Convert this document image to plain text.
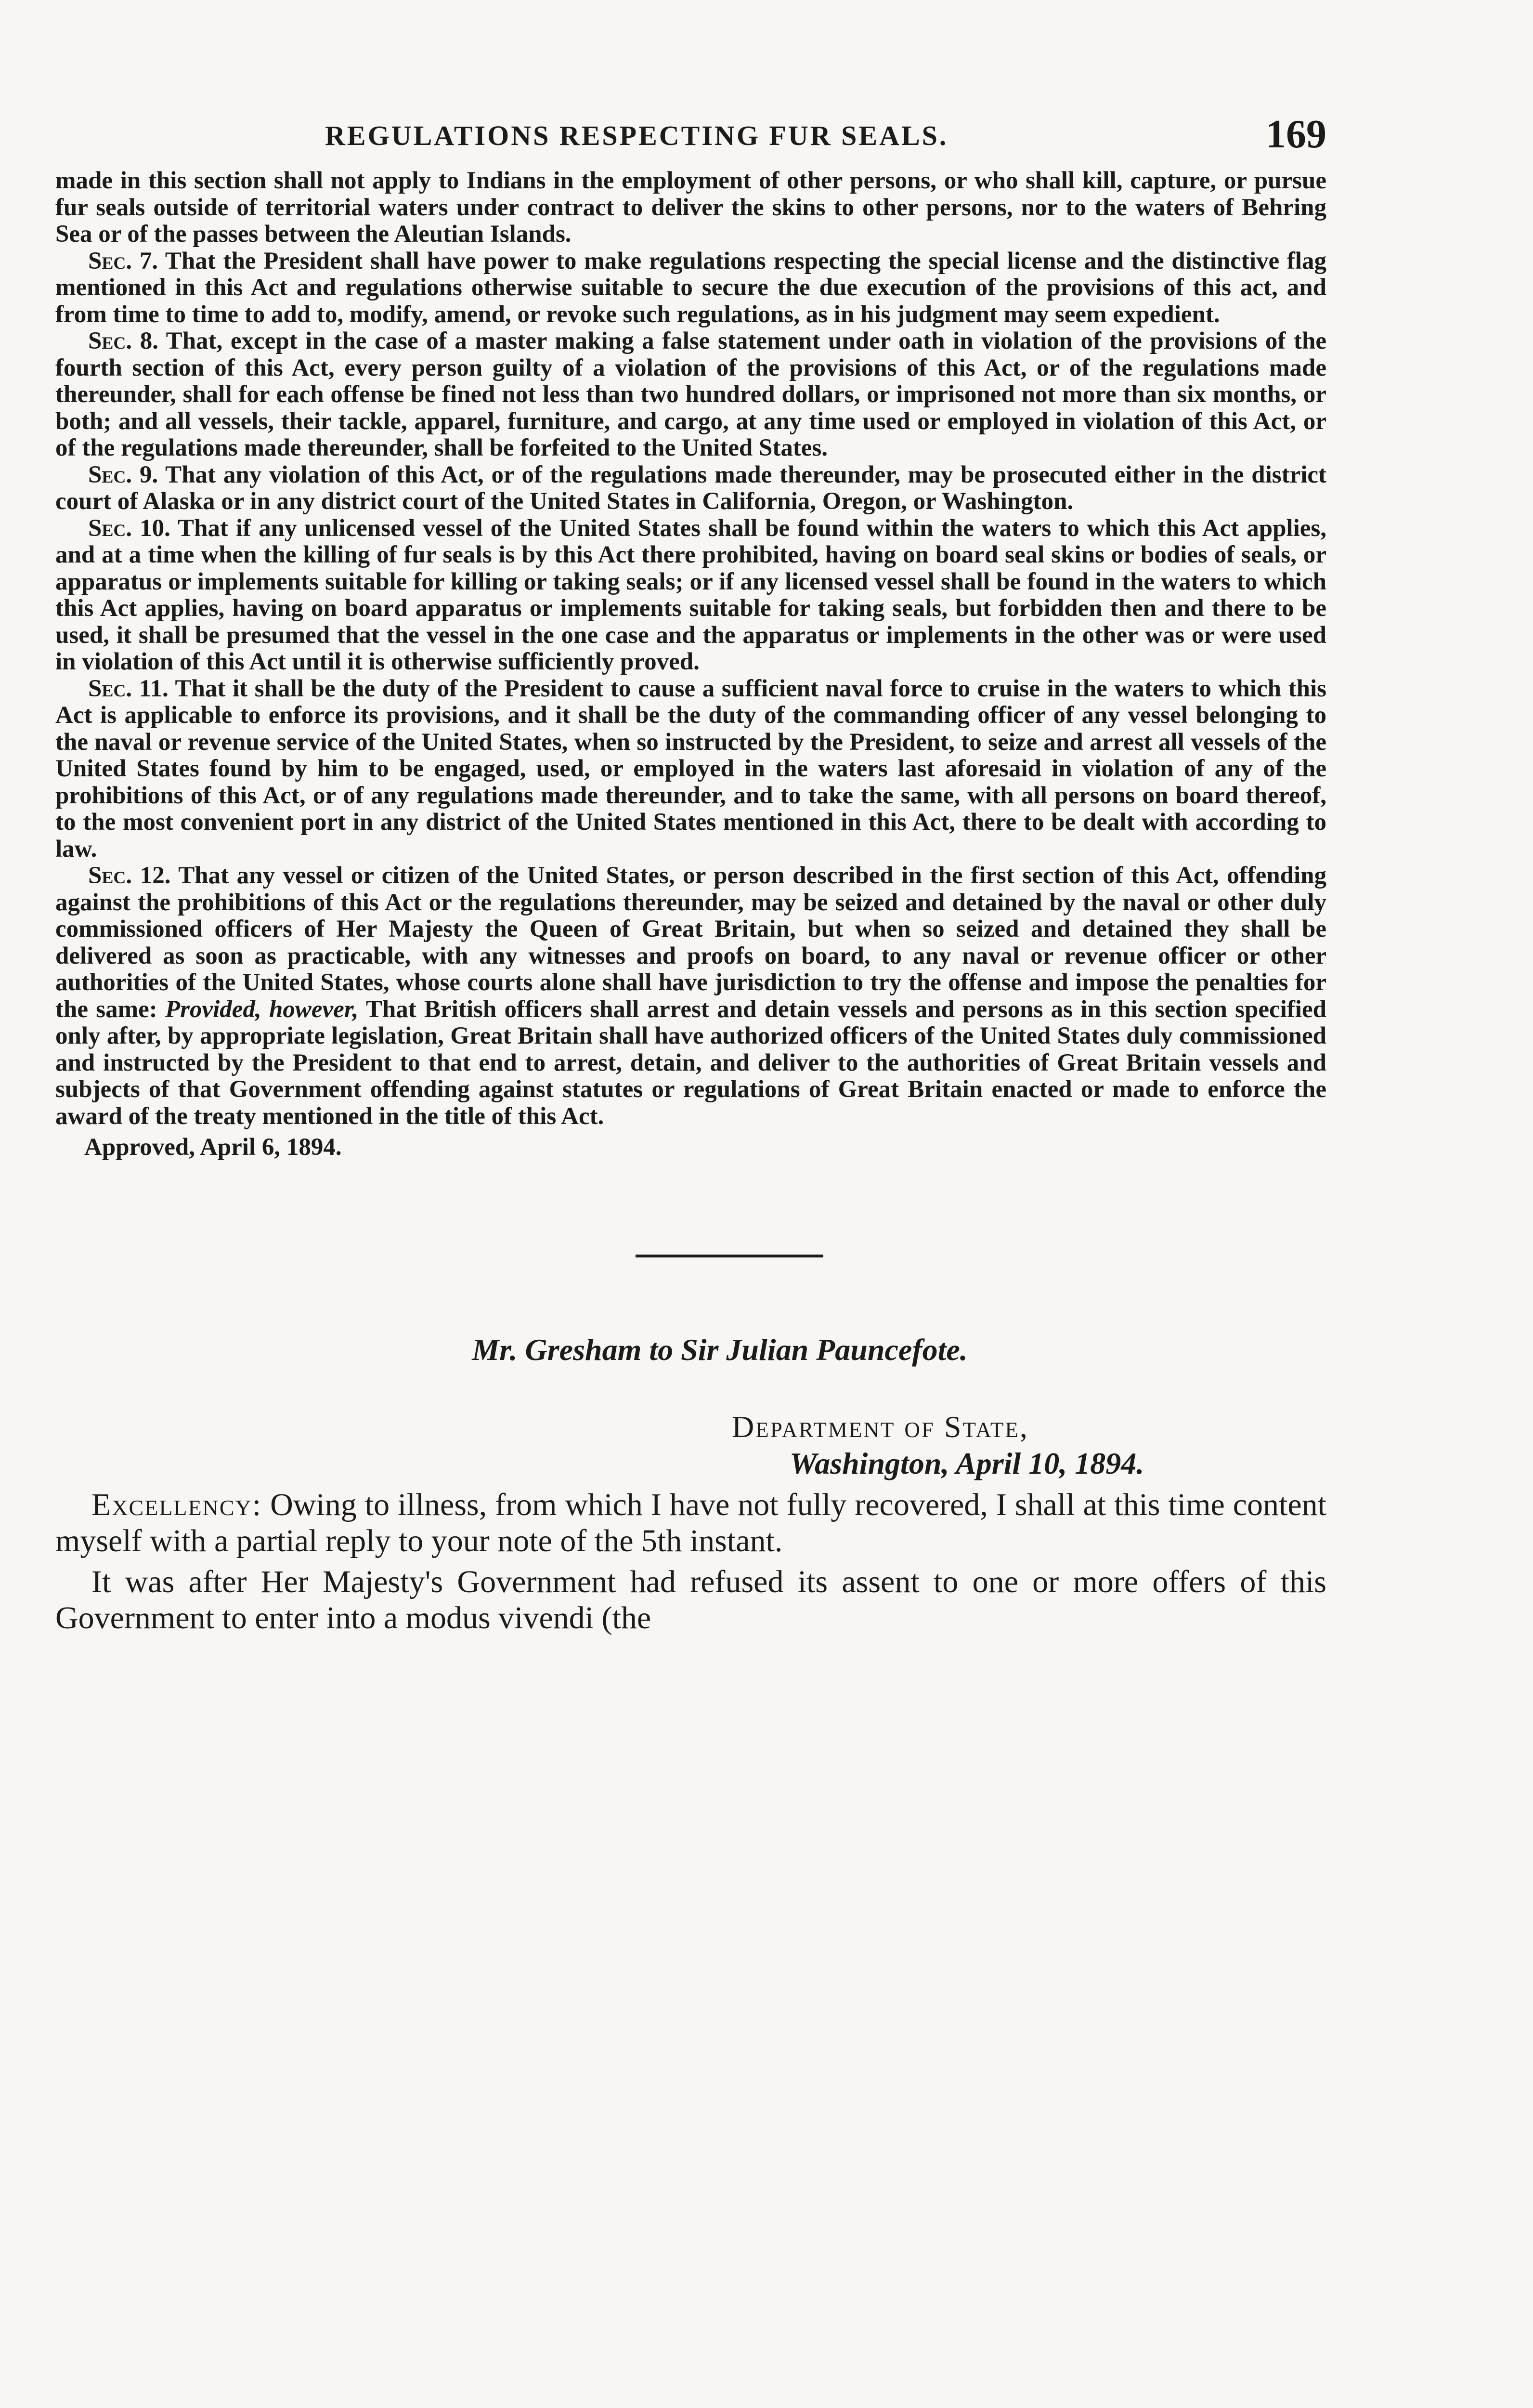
REGULATIONS RESPECTING FUR SEALS.	169

made in this section shall not apply to Indians in the employment of other persons, or who shall kill, capture, or pursue fur seals outside of territorial waters under contract to deliver the skins to other persons, nor to the waters of Behring Sea or of the passes between the Aleutian Islands.

Sec. 7. That the President shall have power to make regulations respecting the special license and the distinctive flag mentioned in this Act and regulations otherwise suitable to secure the due execution of the provisions of this act, and from time to time to add to, modify, amend, or revoke such regulations, as in his judgment may seem expedient.

Sec. 8. That, except in the case of a master making a false statement under oath in violation of the provisions of the fourth section of this Act, every person guilty of a violation of the provisions of this Act, or of the regulations made thereunder, shall for each offense be fined not less than two hundred dollars, or imprisoned not more than six months, or both; and all vessels, their tackle, apparel, furniture, and cargo, at any time used or employed in violation of this Act, or of the regulations made thereunder, shall be forfeited to the United States.

Sec. 9. That any violation of this Act, or of the regulations made thereunder, may be prosecuted either in the district court of Alaska or in any district court of the United States in California, Oregon, or Washington.

Sec. 10. That if any unlicensed vessel of the United States shall be found within the waters to which this Act applies, and at a time when the killing of fur seals is by this Act there prohibited, having on board seal skins or bodies of seals, or apparatus or implements suitable for killing or taking seals; or if any licensed vessel shall be found in the waters to which this Act applies, having on board apparatus or implements suitable for taking seals, but forbidden then and there to be used, it shall be presumed that the vessel in the one case and the apparatus or implements in the other was or were used in violation of this Act until it is otherwise sufficiently proved.

Sec. 11. That it shall be the duty of the President to cause a sufficient naval force to cruise in the waters to which this Act is applicable to enforce its provisions, and it shall be the duty of the commanding officer of any vessel belonging to the naval or revenue service of the United States, when so instructed by the President, to seize and arrest all vessels of the United States found by him to be engaged, used, or employed in the waters last aforesaid in violation of any of the prohibitions of this Act, or of any regulations made thereunder, and to take the same, with all persons on board thereof, to the most convenient port in any district of the United States mentioned in this Act, there to be dealt with according to law.

Sec. 12. That any vessel or citizen of the United States, or person described in the first section of this Act, offending against the prohibitions of this Act or the regulations thereunder, may be seized and detained by the naval or other duly commissioned officers of Her Majesty the Queen of Great Britain, but when so seized and detained they shall be delivered as soon as practicable, with any witnesses and proofs on board, to any naval or revenue officer or other authorities of the United States, whose courts alone shall have jurisdiction to try the offense and impose the penalties for the same: Provided, however, That British officers shall arrest and detain vessels and persons as in this section specified only after, by appropriate legislation, Great Britain shall have authorized officers of the United States duly commissioned and instructed by the President to that end to arrest, detain, and deliver to the authorities of Great Britain vessels and subjects of that Government offending against statutes or regulations of Great Britain enacted or made to enforce the award of the treaty mentioned in the title of this Act.

Approved, April 6, 1894.
Mr. Gresham to Sir Julian Pauncefote.
Department of State,
Washington, April 10, 1894.

Excellency: Owing to illness, from which I have not fully recovered, I shall at this time content myself with a partial reply to your note of the 5th instant.

It was after Her Majesty's Government had refused its assent to one or more offers of this Government to enter into a modus vivendi (the
